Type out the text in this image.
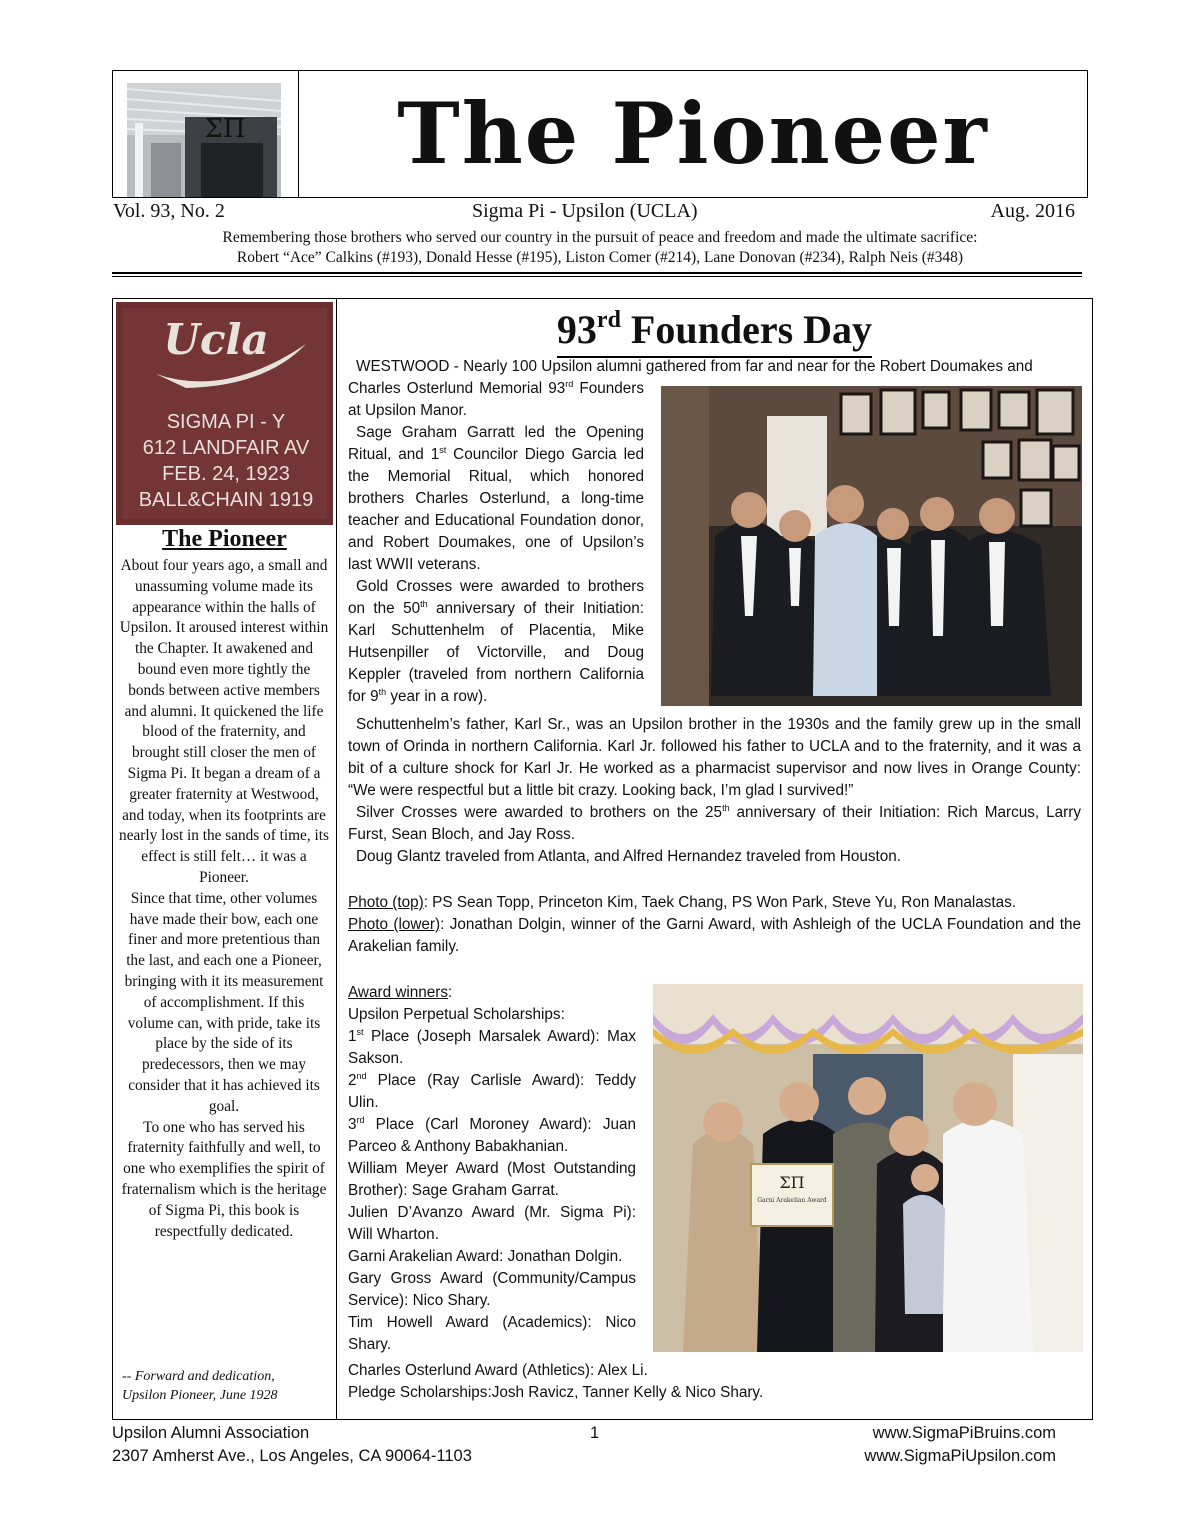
ΣΠ	The Pioneer
Vol. 93, No. 2	Sigma Pi - Upsilon (UCLA)	Aug. 2016
Remembering those brothers who served our country in the pursuit of peace and freedom and made the ultimate sacrifice:
Robert “Ace” Calkins (#193), Donald Hesse (#195), Liston Comer (#214), Lane Donovan (#234), Ralph Neis (#348)
Ucla
SIGMA PI - Y
612 LANDFAIR AV
FEB. 24, 1923
BALL&CHAIN 1919
The Pioneer

About four years ago, a small and unassuming volume made its appearance within the halls of Upsilon. It aroused interest within the Chapter. It awakened and bound even more tightly the bonds between active members and alumni. It quickened the life blood of the fraternity, and brought still closer the men of Sigma Pi. It began a dream of a greater fraternity at Westwood, and today, when its footprints are nearly lost in the sands of time, its effect is still felt… it was a Pioneer.

Since that time, other volumes have made their bow, each one finer and more pretentious than the last, and each one a Pioneer, bringing with it its measurement of accomplishment. If this volume can, with pride, take its place by the side of its predecessors, then we may consider that it has achieved its goal.

To one who has served his fraternity faithfully and well, to one who exemplifies the spirit of fraternalism which is the heritage of Sigma Pi, this book is respectfully dedicated.

-- Forward and dedication,
Upsilon Pioneer, June 1928
93rd Founders Day
WESTWOOD - Nearly 100 Upsilon alumni gathered from far and near for the Robert Doumakes and

Charles Osterlund Memorial 93rd Founders at Upsilon Manor.

Sage Graham Garratt led the Opening Ritual, and 1st Councilor Diego Garcia led the Memorial Ritual, which honored brothers Charles Osterlund, a long-time teacher and Educational Foundation donor, and Robert Doumakes, one of Upsilon’s last WWII veterans.

Gold Crosses were awarded to brothers on the 50th anniversary of their Initiation: Karl Schuttenhelm of Placentia, Mike Hutsenpiller of Victorville, and Doug Keppler (traveled from northern California for 9th year in a row).

Schuttenhelm’s father, Karl Sr., was an Upsilon brother in the 1930s and the family grew up in the small town of Orinda in northern California. Karl Jr. followed his father to UCLA and to the fraternity, and it was a bit of a culture shock for Karl Jr. He worked as a pharmacist supervisor and now lives in Orange County: “We were respectful but a little bit crazy. Looking back, I’m glad I survived!”

Silver Crosses were awarded to brothers on the 25th anniversary of their Initiation: Rich Marcus, Larry Furst, Sean Bloch, and Jay Ross.

Doug Glantz traveled from Atlanta, and Alfred Hernandez traveled from Houston.

Photo (top): PS Sean Topp, Princeton Kim, Taek Chang, PS Won Park, Steve Yu, Ron Manalastas.

Photo (lower): Jonathan Dolgin, winner of the Garni Award, with Ashleigh of the UCLA Foundation and the Arakelian family.

Award winners:

Upsilon Perpetual Scholarships:

1st Place (Joseph Marsalek Award): Max Sakson.

2nd Place (Ray Carlisle Award): Teddy Ulin.

3rd Place (Carl Moroney Award): Juan Parceo & Anthony Babakhanian.

William Meyer Award (Most Outstanding Brother): Sage Graham Garrat.

Julien D’Avanzo Award (Mr. Sigma Pi): Will Wharton.

Garni Arakelian Award: Jonathan Dolgin.

Gary Gross Award (Community/Campus Service): Nico Shary.

Tim Howell Award (Academics): Nico Shary.

Charles Osterlund Award (Athletics): Alex Li.

Pledge Scholarships:Josh Ravicz, Tanner Kelly & Nico Shary.

ΣΠ
Garni Arakelian Award
Upsilon Alumni Association
2307 Amherst Ave., Los Angeles, CA 90064-1103
1	www.SigmaPiBruins.com
www.SigmaPiUpsilon.com
